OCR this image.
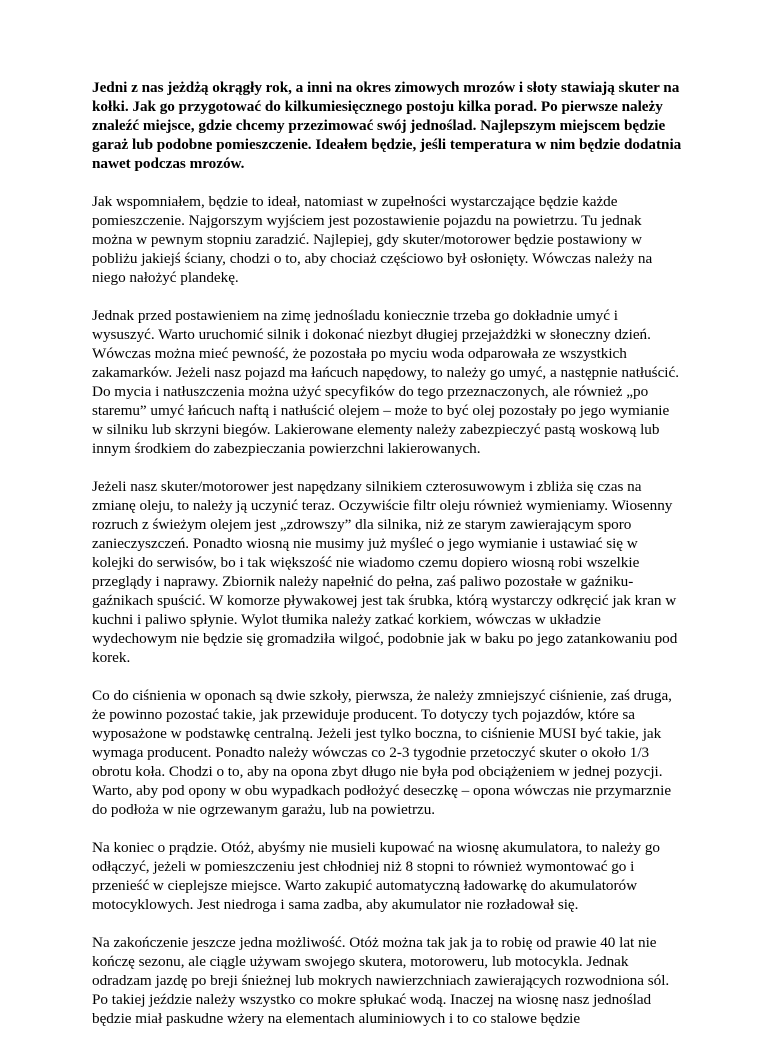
Jedni z nas jeżdżą okrągły rok, a inni na okres zimowych mrozów i słoty stawiają skuter na kołki. Jak go przygotować do kilkumiesięcznego postoju kilka porad. Po pierwsze należy znaleźć miejsce, gdzie chcemy przezimować swój jednoślad. Najlepszym miejscem będzie garaż lub podobne pomieszczenie. Ideałem będzie, jeśli temperatura w nim będzie dodatnia nawet podczas mrozów.

Jak wspomniałem, będzie to ideał, natomiast w zupełności wystarczające będzie każde pomieszczenie. Najgorszym wyjściem jest pozostawienie pojazdu na powietrzu. Tu jednak można w pewnym stopniu zaradzić. Najlepiej, gdy skuter/motorower będzie postawiony w pobliżu jakiejś ściany, chodzi o to, aby chociaż częściowo był osłonięty. Wówczas należy na niego nałożyć plandekę.

Jednak przed postawieniem na zimę jednośladu koniecznie trzeba go dokładnie umyć i wysuszyć. Warto uruchomić silnik i dokonać niezbyt długiej przejażdżki w słoneczny dzień. Wówczas można mieć pewność, że pozostała po myciu woda odparowała ze wszystkich zakamarków. Jeżeli nasz pojazd ma łańcuch napędowy, to należy go umyć, a następnie natłuścić. Do mycia i natłuszczenia można użyć specyfików do tego przeznaczonych, ale również „po staremu” umyć łańcuch naftą i natłuścić olejem – może to być olej pozostały po jego wymianie w silniku lub skrzyni biegów. Lakierowane elementy należy zabezpieczyć pastą woskową lub innym środkiem do zabezpieczania powierzchni lakierowanych.

Jeżeli nasz skuter/motorower jest napędzany silnikiem czterosuwowym i zbliża się czas na zmianę oleju, to należy ją uczynić teraz. Oczywiście filtr oleju również wymieniamy. Wiosenny rozruch z świeżym olejem jest „zdrowszy” dla silnika, niż ze starym zawierającym sporo zanieczyszczeń. Ponadto wiosną nie musimy już myśleć o jego wymianie i ustawiać się w kolejki do serwisów, bo i tak większość nie wiadomo czemu dopiero wiosną robi wszelkie przeglądy i naprawy. Zbiornik należy napełnić do pełna, zaś paliwo pozostałe w gaźniku-gaźnikach spuścić. W komorze pływakowej jest tak śrubka, którą wystarczy odkręcić jak kran w kuchni i paliwo spłynie. Wylot tłumika należy zatkać korkiem, wówczas w układzie wydechowym nie będzie się gromadziła wilgoć, podobnie jak w baku po jego zatankowaniu pod korek.

Co do ciśnienia w oponach są dwie szkoły, pierwsza, że należy zmniejszyć ciśnienie, zaś druga, że powinno pozostać takie, jak przewiduje producent. To dotyczy tych pojazdów, które sa wyposażone w podstawkę centralną. Jeżeli jest tylko boczna, to ciśnienie MUSI być takie, jak wymaga producent. Ponadto należy wówczas co 2-3 tygodnie przetoczyć skuter o około 1/3 obrotu koła. Chodzi o to, aby na opona zbyt długo nie była pod obciążeniem w jednej pozycji. Warto, aby pod opony w obu wypadkach podłożyć deseczkę – opona wówczas nie przymarznie do podłoża w nie ogrzewanym garażu, lub na powietrzu.

Na koniec o prądzie. Otóż, abyśmy nie musieli kupować na wiosnę akumulatora, to należy go odłączyć, jeżeli w pomieszczeniu jest chłodniej niż 8 stopni to również wymontować go i przenieść w cieplejsze miejsce. Warto zakupić automatyczną ładowarkę do akumulatorów motocyklowych. Jest niedroga i sama zadba, aby akumulator nie rozładował się.

Na zakończenie jeszcze jedna możliwość. Otóż można tak jak ja to robię od prawie 40 lat nie kończę sezonu, ale ciągle używam swojego skutera, motoroweru, lub motocykla. Jednak odradzam jazdę po breji śnieżnej lub mokrych nawierzchniach zawierających rozwodniona sól. Po takiej jeździe należy wszystko co mokre spłukać wodą. Inaczej na wiosnę nasz jednoślad będzie miał paskudne wżery na elementach aluminiowych i to co stalowe będzie
